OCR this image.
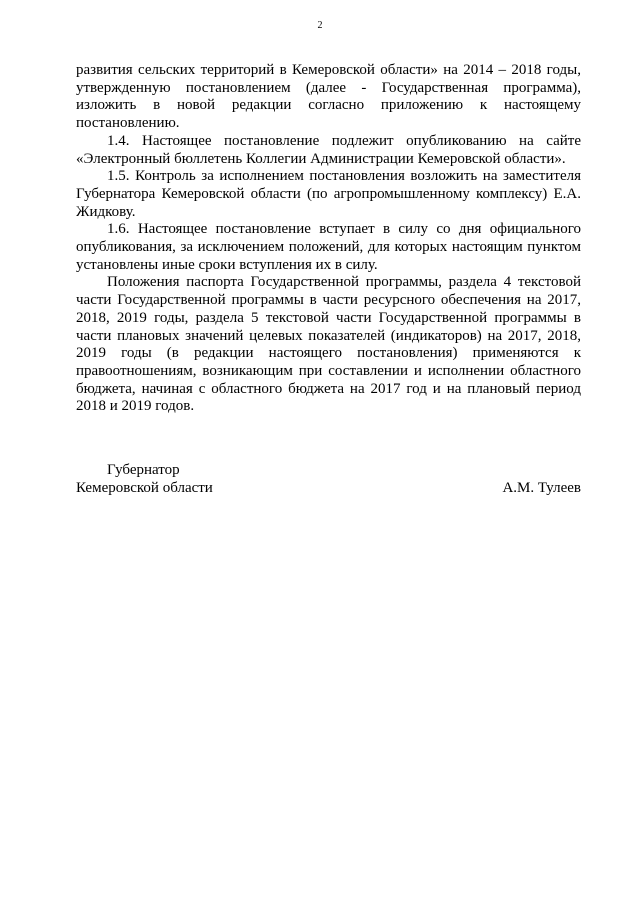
2

развития сельских территорий в Кемеровской области» на 2014 – 2018 годы, утвержденную постановлением (далее - Государственная программа), изложить в новой редакции согласно приложению к настоящему постановлению.

1.4. Настоящее постановление подлежит опубликованию на сайте «Электронный бюллетень Коллегии Администрации Кемеровской области».

1.5. Контроль за исполнением постановления возложить на заместителя Губернатора Кемеровской области (по агропромышленному комплексу) Е.А. Жидкову.

1.6. Настоящее постановление вступает в силу со дня официального опубликования, за исключением положений, для которых настоящим пунктом установлены иные сроки вступления их в силу.

Положения паспорта Государственной программы, раздела 4 текстовой части Государственной программы в части ресурсного обеспечения на 2017, 2018, 2019 годы, раздела 5 текстовой части Государственной программы в части плановых значений целевых показателей (индикаторов) на 2017, 2018, 2019 годы (в редакции настоящего постановления) применяются к правоотношениям, возникающим при составлении и исполнении областного бюджета, начиная с областного бюджета на 2017 год и на плановый период 2018 и 2019 годов.

Губернатор
Кемеровской области	А.М. Тулеев
